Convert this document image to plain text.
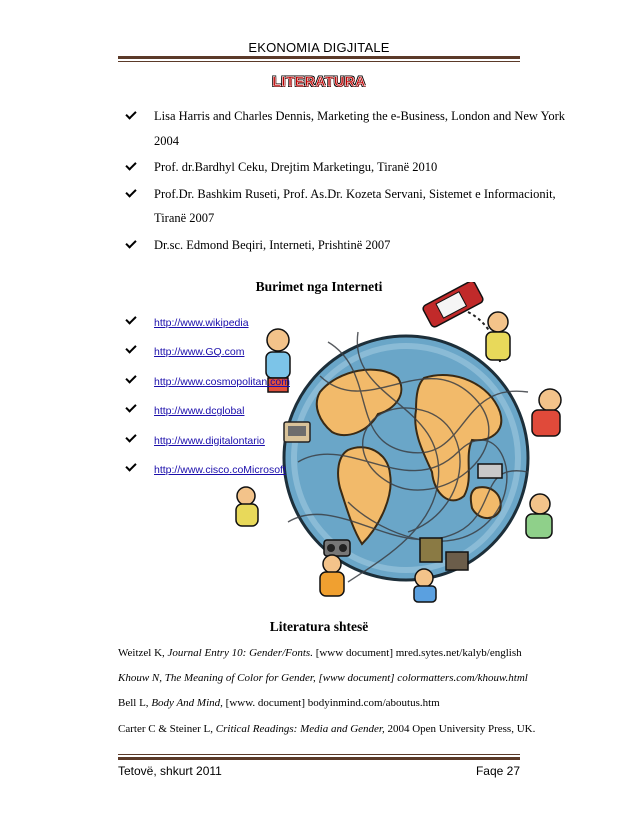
EKONOMIA DIGJITALE
LITERATURA
Lisa Harris and Charles Dennis, Marketing the e-Business, London and New York
2004
Prof. dr.Bardhyl Ceku, Drejtim Marketingu, Tiranë 2010
Prof.Dr. Bashkim Ruseti, Prof. As.Dr. Kozeta Servani, Sistemet e Informacionit,
Tiranë 2007
Dr.sc. Edmond Beqiri, Interneti, Prishtinë 2007
Burimet nga Interneti
http://www.wikipedia
http://www.GQ.com
http://www.cosmopolitan.com
http://www.dcglobal
http://www.digitalontario
http://www.cisco.coMicrosoft
Literatura shtesë
Weitzel K, Journal Entry 10: Gender/Fonts. [www document] mred.sytes.net/kalyb/english
Khouw N, The Meaning of Color for Gender, [www document] colormatters.com/khouw.html
Bell L, Body And Mind, [www. document] bodyinmind.com/aboutus.htm
Carter C & Steiner L, Critical Readings: Media and Gender, 2004 Open University Press, UK.
Tetovë, shkurt 2011	Faqe 27
